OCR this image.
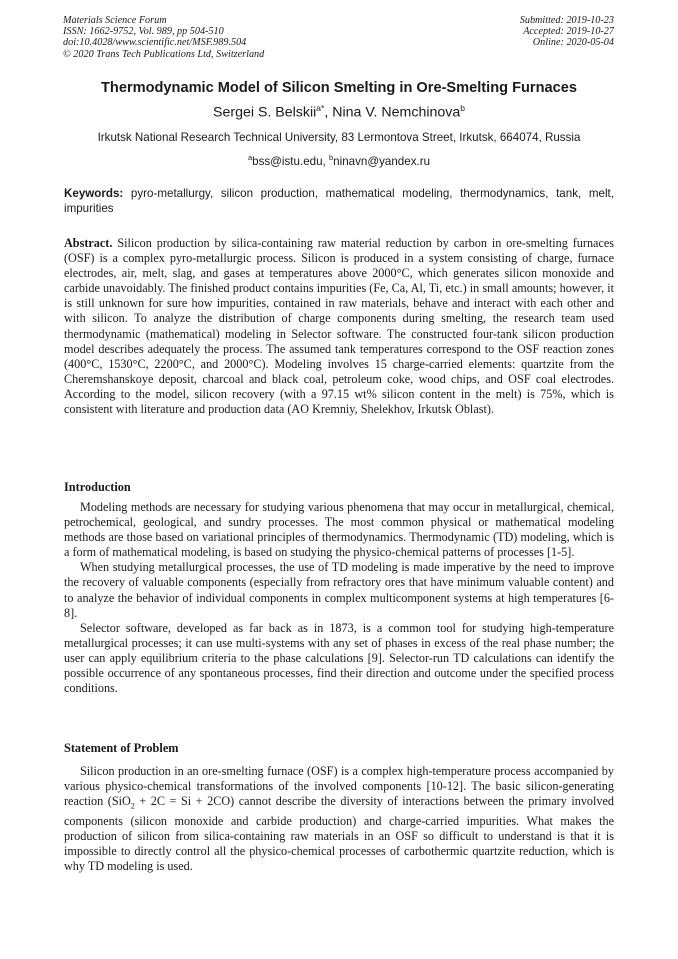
Materials Science Forum
ISSN: 1662-9752, Vol. 989, pp 504-510
doi:10.4028/www.scientific.net/MSF.989.504
© 2020 Trans Tech Publications Ltd, Switzerland
Submitted: 2019-10-23
Accepted: 2019-10-27
Online: 2020-05-04
Thermodynamic Model of Silicon Smelting in Ore-Smelting Furnaces
Sergei S. Belskii$^{a*}$, Nina V. Nemchinova$^b$
Irkutsk National Research Technical University, 83 Lermontova Street, Irkutsk, 664074, Russia
$^a$bss@istu.edu, $^b$ninavn@yandex.ru
Keywords: pyro-metallurgy, silicon production, mathematical modeling, thermodynamics, tank, melt, impurities
Abstract. Silicon production by silica-containing raw material reduction by carbon in ore-smelting furnaces (OSF) is a complex pyro-metallurgic process. Silicon is produced in a system consisting of charge, furnace electrodes, air, melt, slag, and gases at temperatures above 2000°C, which generates silicon monoxide and carbide unavoidably. The finished product contains impurities (Fe, Ca, Al, Ti, etc.) in small amounts; however, it is still unknown for sure how impurities, contained in raw materials, behave and interact with each other and with silicon. To analyze the distribution of charge components during smelting, the research team used thermodynamic (mathematical) modeling in Selector software. The constructed four-tank silicon production model describes adequately the process. The assumed tank temperatures correspond to the OSF reaction zones (400°C, 1530°C, 2200°C, and 2000°C). Modeling involves 15 charge-carried elements: quartzite from the Cheremshanskoye deposit, charcoal and black coal, petroleum coke, wood chips, and OSF coal electrodes. According to the model, silicon recovery (with a 97.15 wt% silicon content in the melt) is 75%, which is consistent with literature and production data (AO Kremniy, Shelekhov, Irkutsk Oblast).
Introduction

Modeling methods are necessary for studying various phenomena that may occur in metallurgical, chemical, petrochemical, geological, and sundry processes. The most common physical or mathematical modeling methods are those based on variational principles of thermodynamics. Thermodynamic (TD) modeling, which is a form of mathematical modeling, is based on studying the physico-chemical patterns of processes [1-5].

When studying metallurgical processes, the use of TD modeling is made imperative by the need to improve the recovery of valuable components (especially from refractory ores that have minimum valuable content) and to analyze the behavior of individual components in complex multicomponent systems at high temperatures [6-8].

Selector software, developed as far back as in 1873, is a common tool for studying high-temperature metallurgical processes; it can use multi-systems with any set of phases in excess of the real phase number; the user can apply equilibrium criteria to the phase calculations [9]. Selector-run TD calculations can identify the possible occurrence of any spontaneous processes, find their direction and outcome under the specified process conditions.

Statement of Problem

Silicon production in an ore-smelting furnace (OSF) is a complex high-temperature process accompanied by various physico-chemical transformations of the involved components [10-12]. The basic silicon-generating reaction (SiO$_2$ + 2C = Si + 2CO) cannot describe the diversity of interactions between the primary involved components (silicon monoxide and carbide production) and charge-carried impurities. What makes the production of silicon from silica-containing raw materials in an OSF so difficult to understand is that it is impossible to directly control all the physico-chemical processes of carbothermic quartzite reduction, which is why TD modeling is used.
